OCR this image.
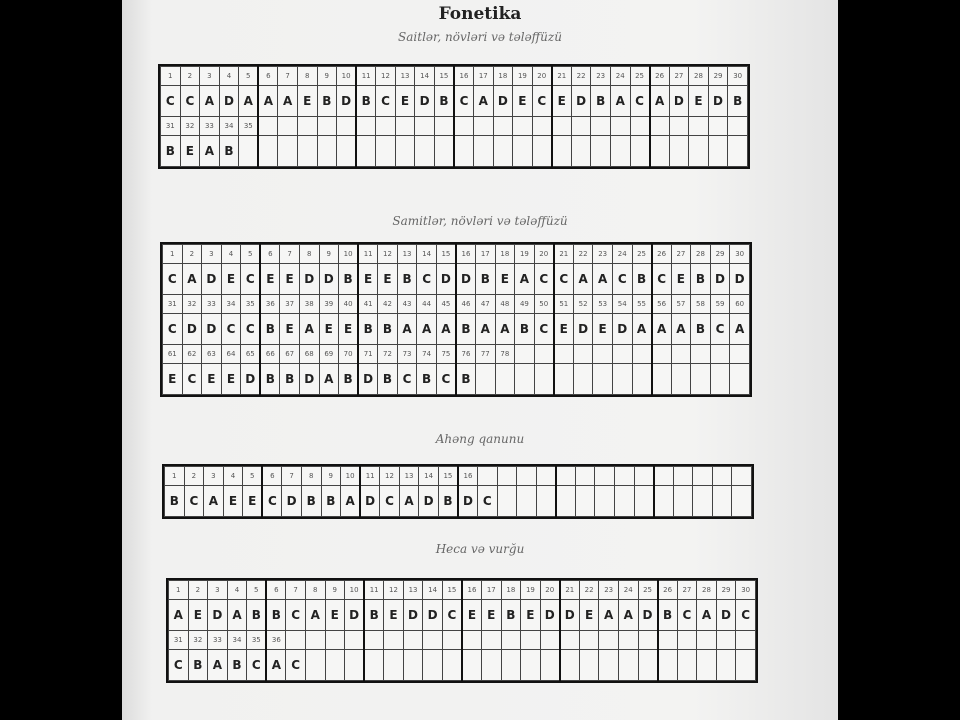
Fonetika
Saitlər, növləri və tələffüzü
1	2	3	4	5	6	7	8	9	10	11	12	13	14	15	16	17	18	19	20	21	22	23	24	25	26	27	28	29	30
C	C	A	D	A	A	A	E	B	D	B	C	E	D	B	C	A	D	E	C	E	D	B	A	C	A	D	E	D	B
31	32	33	34	35																									
B	E	A	B																										
Samitlər, növləri və tələffüzü
1	2	3	4	5	6	7	8	9	10	11	12	13	14	15	16	17	18	19	20	21	22	23	24	25	26	27	28	29	30
C	A	D	E	C	E	E	D	D	B	E	E	B	C	D	D	B	E	A	C	C	A	A	C	B	C	E	B	D	D
31	32	33	34	35	36	37	38	39	40	41	42	43	44	45	46	47	48	49	50	51	52	53	54	55	56	57	58	59	60
C	D	D	C	C	B	E	A	E	E	B	B	A	A	A	B	A	A	B	C	E	D	E	D	A	A	A	B	C	A
61	62	63	64	65	66	67	68	69	70	71	72	73	74	75	76	77	78												
E	C	E	E	D	B	B	D	A	B	D	B	C	B	C	B														
Ahəng qanunu
1	2	3	4	5	6	7	8	9	10	11	12	13	14	15	16														
B	C	A	E	E	C	D	B	B	A	D	C	A	D	B	D	C													
Heca və vurğu
1	2	3	4	5	6	7	8	9	10	11	12	13	14	15	16	17	18	19	20	21	22	23	24	25	26	27	28	29	30
A	E	D	A	B	B	C	A	E	D	B	E	D	D	C	E	E	B	E	D	D	E	A	A	D	B	C	A	D	C
31	32	33	34	35	36																								
C	B	A	B	C	A	C																							
